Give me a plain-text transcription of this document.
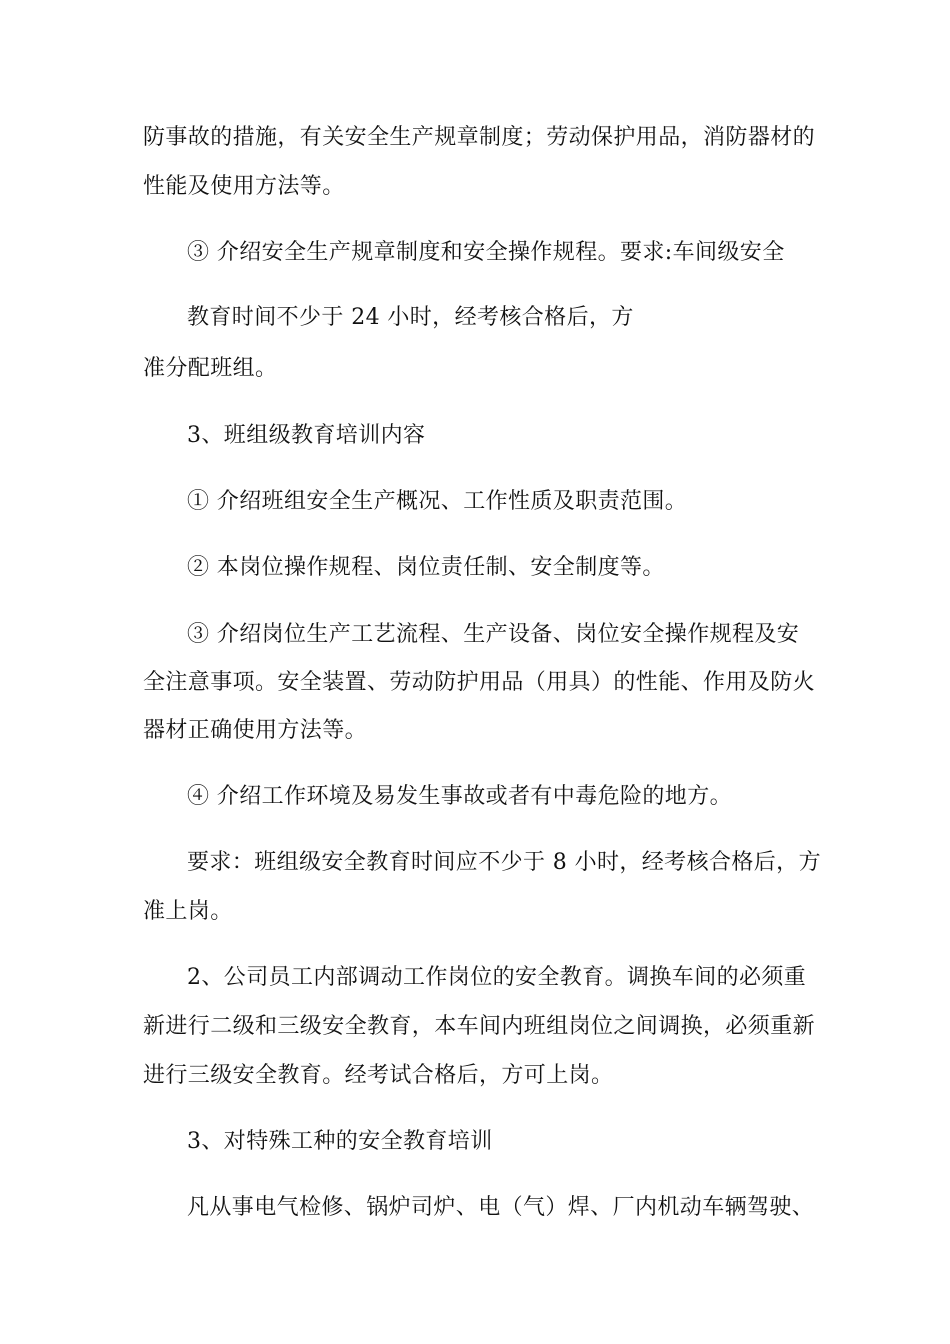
防事故的措施，有关安全生产规章制度；劳动保护用品，消防器材的
性能及使用方法等。
③ 介绍安全生产规章制度和安全操作规程。要求:车间级安全
教育时间不少于 24 小时，经考核合格后，方
准分配班组。
3、班组级教育培训内容
① 介绍班组安全生产概况、工作性质及职责范围。
② 本岗位操作规程、岗位责任制、安全制度等。
③ 介绍岗位生产工艺流程、生产设备、岗位安全操作规程及安
全注意事项。安全装置、劳动防护用品（用具）的性能、作用及防火
器材正确使用方法等。
④ 介绍工作环境及易发生事故或者有中毒危险的地方。
要求：班组级安全教育时间应不少于 8 小时，经考核合格后，方
准上岗。
2、公司员工内部调动工作岗位的安全教育。调换车间的必须重
新进行二级和三级安全教育，本车间内班组岗位之间调换，必须重新
进行三级安全教育。经考试合格后，方可上岗。
3、对特殊工种的安全教育培训
凡从事电气检修、锅炉司炉、电（气）焊、厂内机动车辆驾驶、
